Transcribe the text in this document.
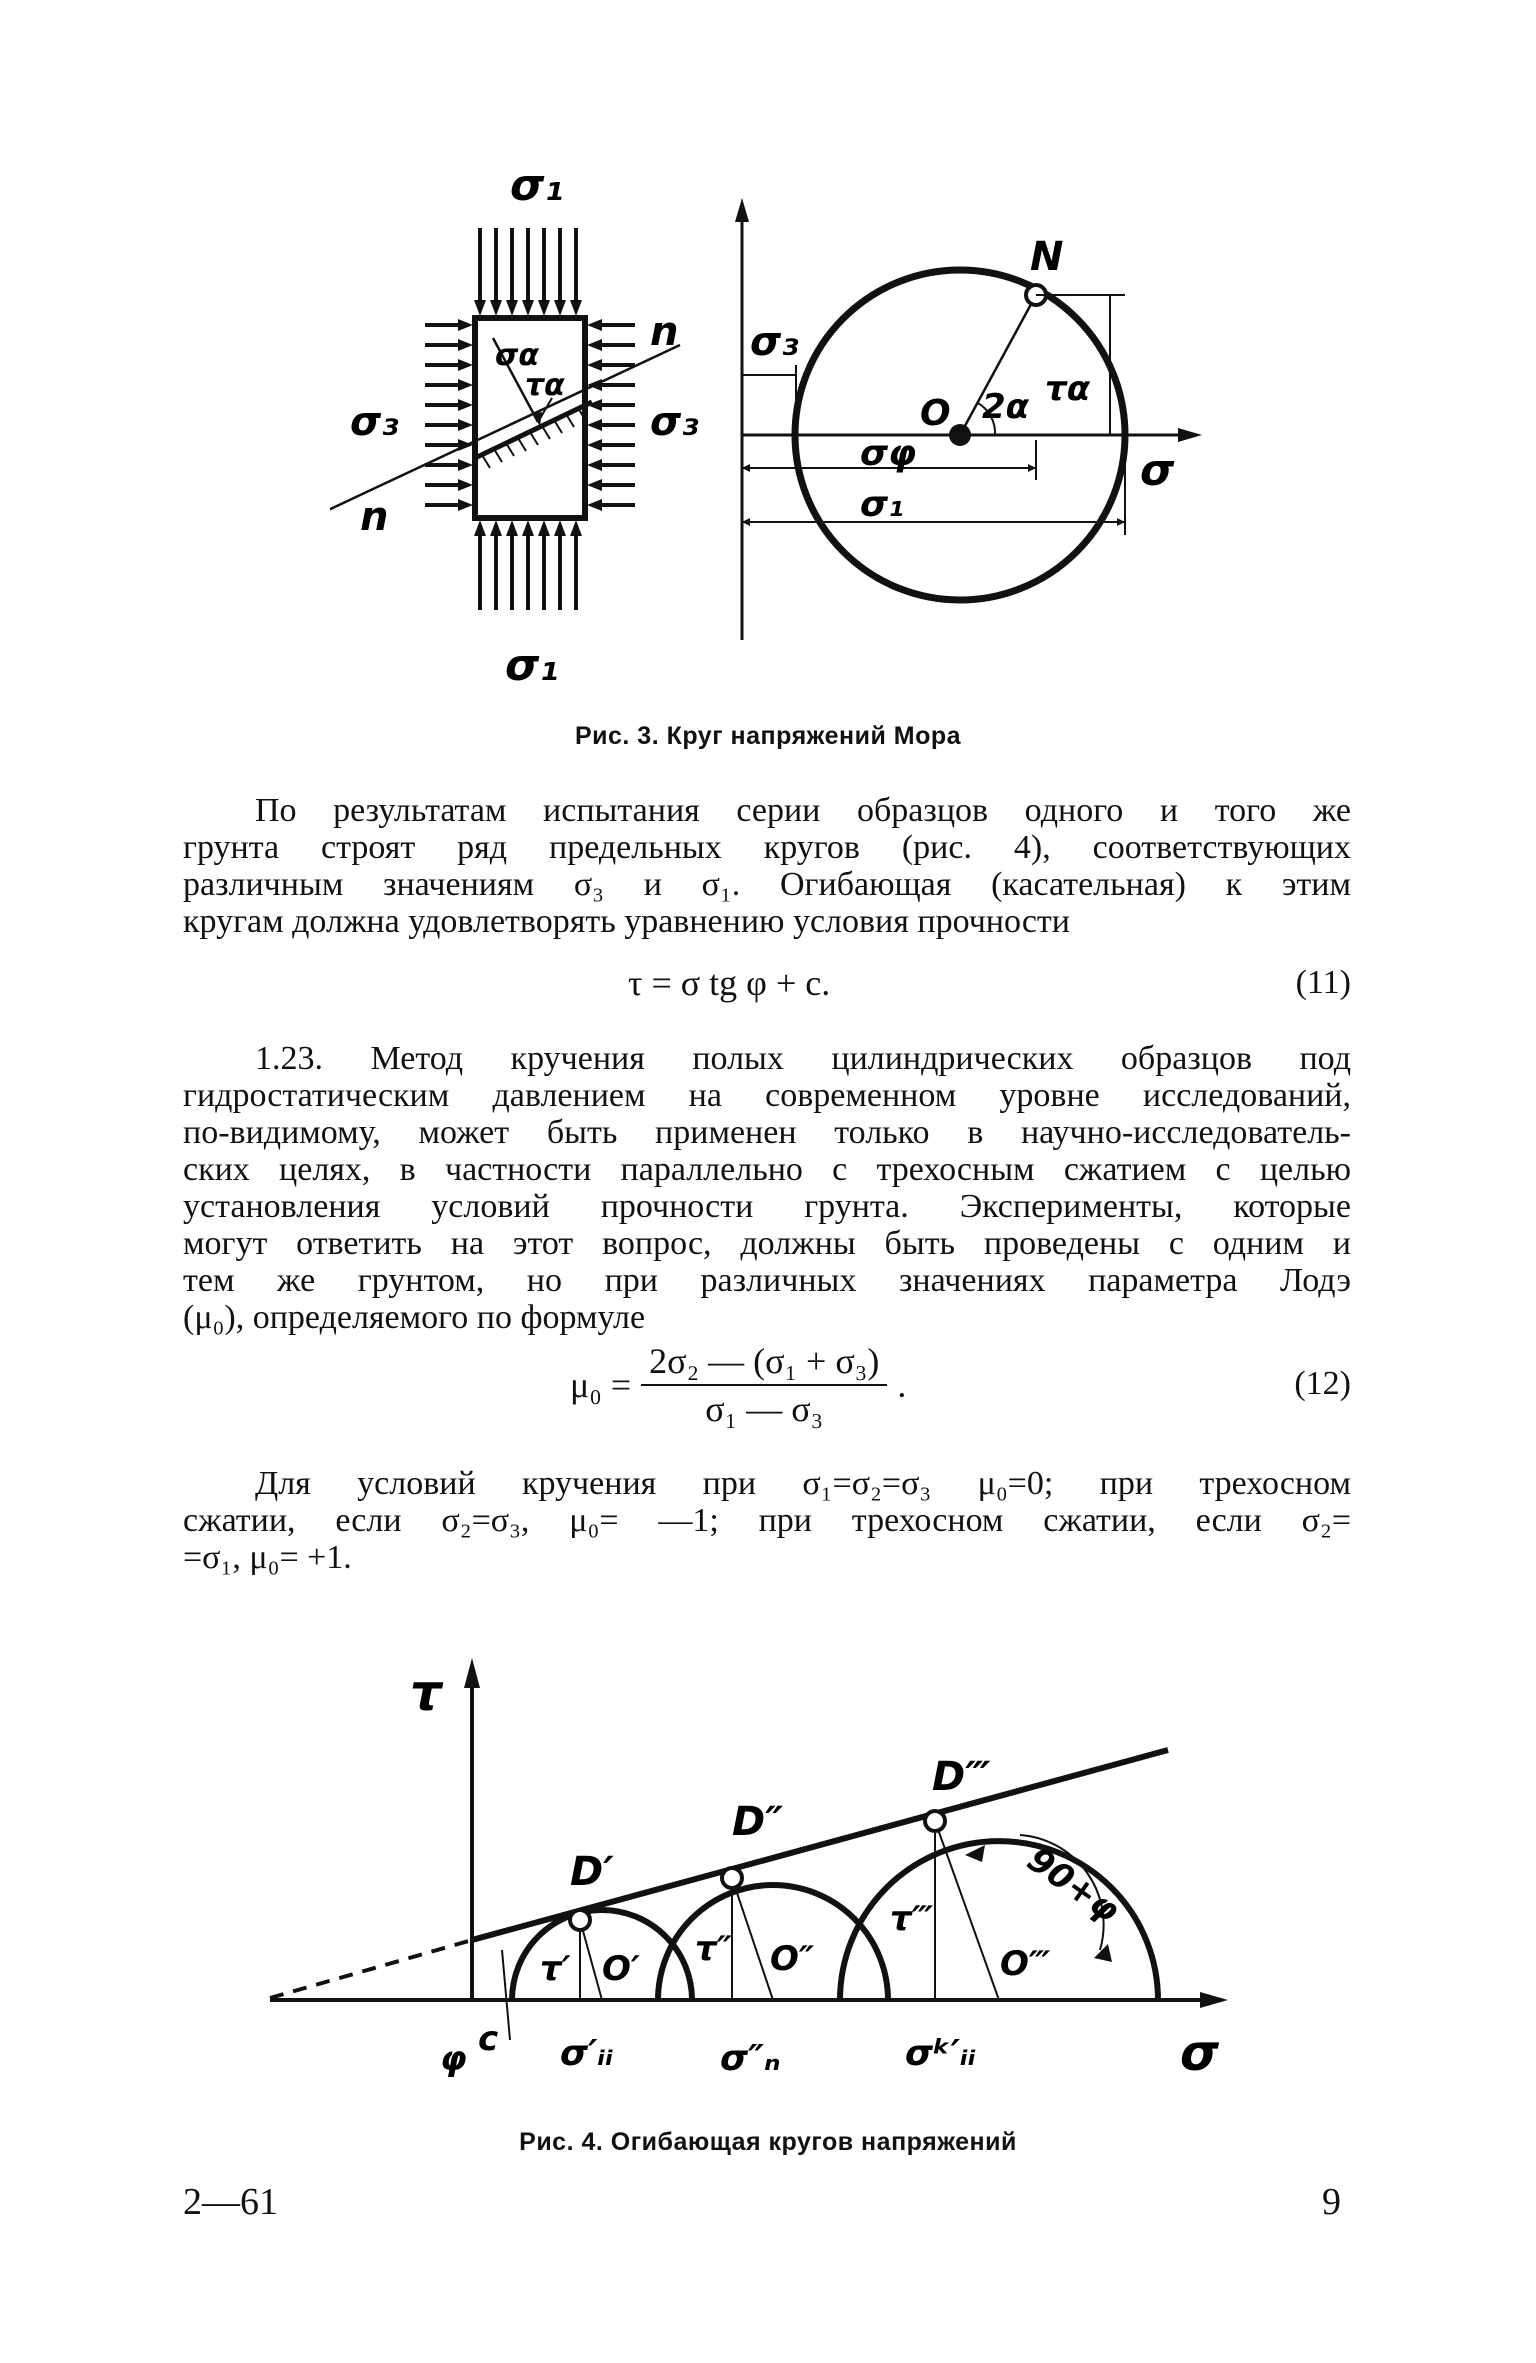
σ₁
σ₁
σ₃	σ₃
σα
τα
n
n
N
O 2α τα
σ₃
σφ
σ₁
σ
Рис. 3. Круг напряжений Мора
По результатам испытания серии образцов одного и того же
грунта строят ряд предельных кругов (рис. 4), соответствующих
различным значениям σ₃ и σ₁. Огибающая (касательная) к этим
кругам должна удовлетворять уравнению условия прочности
τ = σ tg φ + c.	(11)
1.23. Метод кручения полых цилиндрических образцов под
гидростатическим давлением на современном уровне исследований,
по-видимому, может быть применен только в научно-исследователь-
ских целях, в частности параллельно с трехосным сжатием с целью
установления условий прочности грунта. Эксперименты, которые
могут ответить на этот вопрос, должны быть проведены с одним и
тем же грунтом, но при различных значениях параметра Лодэ
(μ₀), определяемого по формуле
$\mu_0 = \frac{\text{2σ₂ — (σ₁ + σ₃)}}{\text{σ₁ — σ₃}}$ .	(12)
Для условий кручения при σ₁=σ₂=σ₃ μ₀=0; при трехосном
сжатии, если σ₂=σ₃, μ₀= —1; при трехосном сжатии, если σ₂=
=σ₁, μ₀= +1.
τ
σ
D′
D″
D‴
τ′	τ″
τ‴
O′	O″	O‴
90+φ
φ c σ′ᵢᵢ	σ″ₙ	σᵏ′ᵢᵢ
Рис. 4. Огибающая кругов напряжений
2—61	9
